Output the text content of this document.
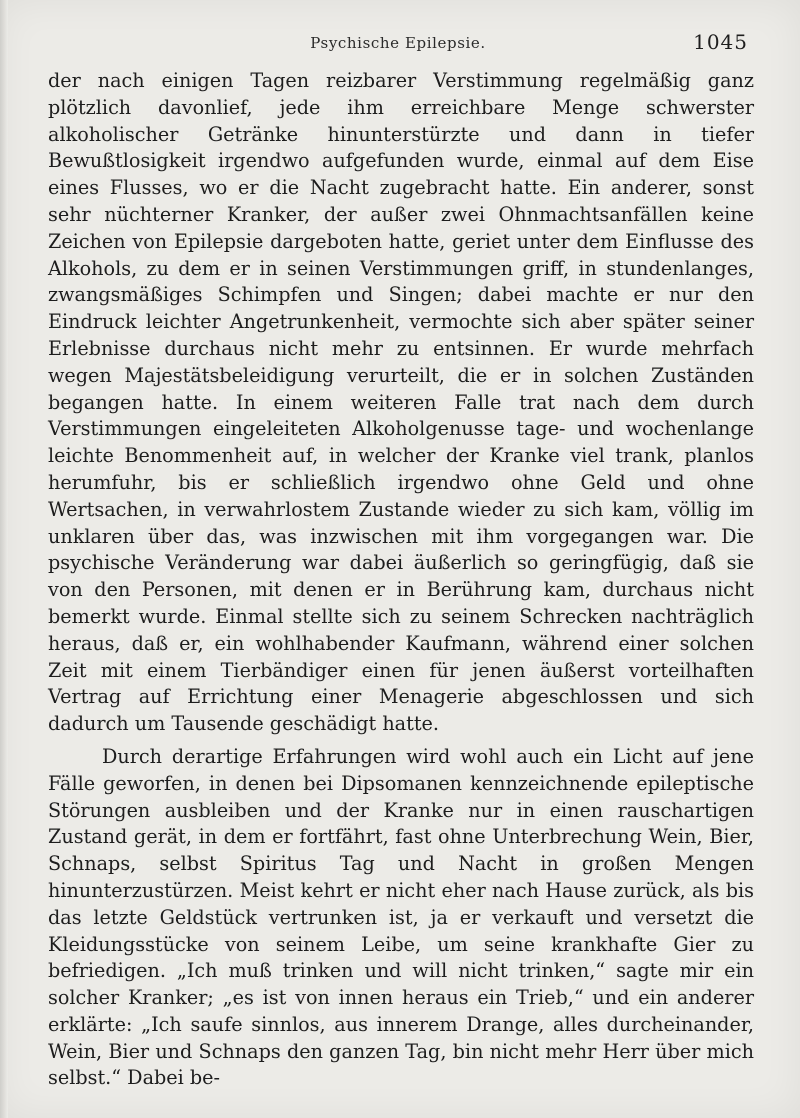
Psychische Epilepsie.	1045

der nach einigen Tagen reizbarer Verstimmung regelmäßig ganz plötzlich davonlief, jede ihm erreichbare Menge schwerster alkoholischer Getränke hinunterstürzte und dann in tiefer Bewußtlosigkeit irgendwo aufgefunden wurde, einmal auf dem Eise eines Flusses, wo er die Nacht zugebracht hatte. Ein anderer, sonst sehr nüchterner Kranker, der außer zwei Ohnmachtsanfällen keine Zeichen von Epilepsie dargeboten hatte, geriet unter dem Einflusse des Alkohols, zu dem er in seinen Verstimmungen griff, in stundenlanges, zwangsmäßiges Schimpfen und Singen; dabei machte er nur den Eindruck leichter Angetrunkenheit, vermochte sich aber später seiner Erlebnisse durchaus nicht mehr zu entsinnen. Er wurde mehrfach wegen Majestätsbeleidigung verurteilt, die er in solchen Zuständen begangen hatte. In einem weiteren Falle trat nach dem durch Verstimmungen eingeleiteten Alkoholgenusse tage- und wochenlange leichte Benommenheit auf, in welcher der Kranke viel trank, planlos herumfuhr, bis er schließlich irgendwo ohne Geld und ohne Wertsachen, in verwahrlostem Zustande wieder zu sich kam, völlig im unklaren über das, was inzwischen mit ihm vorgegangen war. Die psychische Veränderung war dabei äußerlich so geringfügig, daß sie von den Personen, mit denen er in Berührung kam, durchaus nicht bemerkt wurde. Einmal stellte sich zu seinem Schrecken nachträglich heraus, daß er, ein wohlhabender Kaufmann, während einer solchen Zeit mit einem Tierbändiger einen für jenen äußerst vorteilhaften Vertrag auf Errichtung einer Menagerie abgeschlossen und sich dadurch um Tausende geschädigt hatte.

Durch derartige Erfahrungen wird wohl auch ein Licht auf jene Fälle geworfen, in denen bei Dipsomanen kennzeichnende epileptische Störungen ausbleiben und der Kranke nur in einen rauschartigen Zustand gerät, in dem er fortfährt, fast ohne Unterbrechung Wein, Bier, Schnaps, selbst Spiritus Tag und Nacht in großen Mengen hinunterzustürzen. Meist kehrt er nicht eher nach Hause zurück, als bis das letzte Geldstück vertrunken ist, ja er verkauft und versetzt die Kleidungsstücke von seinem Leibe, um seine krankhafte Gier zu befriedigen. „Ich muß trinken und will nicht trinken,“ sagte mir ein solcher Kranker; „es ist von innen heraus ein Trieb,“ und ein anderer erklärte: „Ich saufe sinnlos, aus innerem Drange, alles durcheinander, Wein, Bier und Schnaps den ganzen Tag, bin nicht mehr Herr über mich selbst.“ Dabei be-
